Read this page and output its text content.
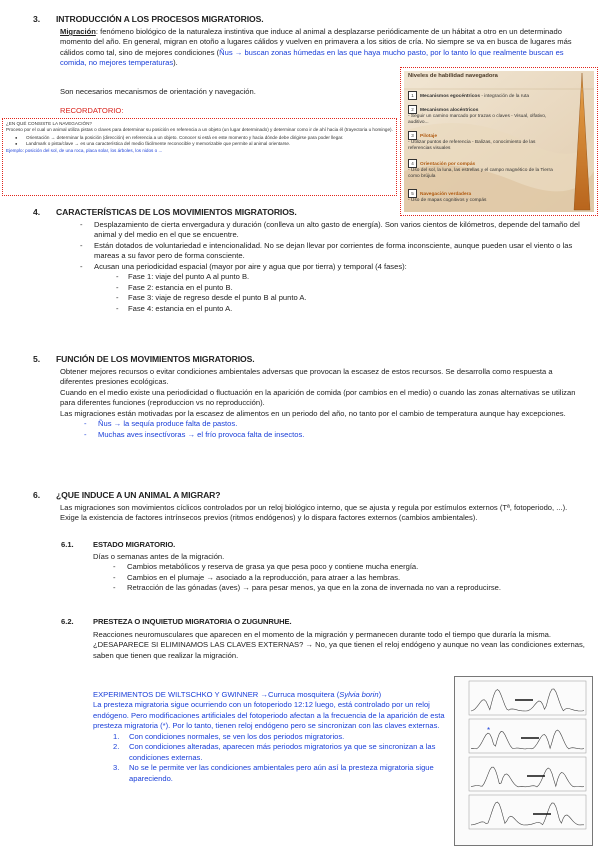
3. INTRODUCCIÓN A LOS PROCESOS MIGRATORIOS.
Migración: fenómeno biológico de la naturaleza instintiva que induce al animal a desplazarse periódicamente de un hábitat a otro en un determinado momento del año. En general, migran en otoño a lugares cálidos y vuelven en primavera a los sitios de cría. No siempre se va en busca de lugares más cálidos como tal, sino de mejores condiciones (Ñus → buscan zonas húmedas en las que haya mucho pasto, por lo tanto lo que realmente buscan es comida, no mejores temperaturas).
Son necesarios mecanismos de orientación y navegación.
RECORDATORIO:
¿EN QUÉ CONSISTE LA NAVEGACIÓN?
Proceso por el cual un animal utiliza pistas o claves para determinar su posición en referencia a un objeto (un lugar determinado) y determinar como ir de ahí hacia él (trayectoria u hominge).
● Orientación → determinar la posición (dirección) en referencia a un objeto. Conocer si está en este momento y hacia dónde debe dirigirse para poder llegar.
● Landmark o pista/clave → es una característica del medio fácilmente reconocible y memorizable que permite al animal orientarse.
Ejemplo: posición del sol, de una roca, placa solar, los árboles, los nidos o ...
Niveles de habilidad navegadora
1 Mecanismos egocéntricos - integración de la ruta
2 Mecanismos alocéntricos
- Seguir un camino marcado por trazas o claves - Visual, olfativo, auditivo...
3 Pilotaje
- Utilizar puntos de referencia - Balizas, conocimiento de las referencias visuales
4 Orientación por compás
- Uso del sol, la luna, las estrellas y el campo magnético de la Tierra como brújula
5 Navegación verdadera
- Uso de mapas cognitivos y compás
4. CARACTERÍSTICAS DE LOS MOVIMIENTOS MIGRATORIOS.
- Desplazamiento de cierta envergadura y duración (conlleva un alto gasto de energía). Son varios cientos de kilómetros, depende del tamaño del animal y del medio en el que se encuentre.
- Están dotados de voluntariedad e intencionalidad. No se dejan llevar por corrientes de forma inconsciente, aunque pueden usar el viento o las mareas a su favor pero de forma consciente.
- Acusan una periodicidad espacial (mayor por aire y agua que por tierra) y temporal (4 fases):
- Fase 1: viaje del punto A al punto B.
- Fase 2: estancia en el punto B.
- Fase 3: viaje de regreso desde el punto B al punto A.
- Fase 4: estancia en el punto A.
5. FUNCIÓN DE LOS MOVIMIENTOS MIGRATORIOS.
Obtener mejores recursos o evitar condiciones ambientales adversas que provocan la escasez de estos recursos. Se desarrolla como respuesta a diferentes presiones ecológicas.
Cuando en el medio existe una periodicidad o fluctuación en la aparición de comida (por cambios en el medio) o cuando las zonas alternativas se utilizan para diferentes funciones (reproduccion vs no reproducción).
Las migraciones están motivadas por la escasez de alimentos en un periodo del año, no tanto por el cambio de temperatura aunque hay excepciones.
- Ñus → la sequía produce falta de pastos.
- Muchas aves insectívoras → el frío provoca falta de insectos.
6. ¿QUE INDUCE A UN ANIMAL A MIGRAR?
Las migraciones son movimientos cíclicos controlados por un reloj biológico interno, que se ajusta y regula por estímulos externos (Tª, fotoperiodo, ...). Exige la existencia de factores intrínsecos previos (ritmos endógenos) y lo dispara factores externos (cambios ambientales).
6.1.	ESTADO MIGRATORIO.
Días o semanas antes de la migración.
- Cambios metabólicos y reserva de grasa ya que pesa poco y contiene mucha energía.
- Cambios en el plumaje → asociado a la reproducción, para atraer a las hembras.
- Retracción de las gónadas (aves) → para pesar menos, ya que en la zona de invernada no van a reproducirse.
6.2.	PRESTEZA O INQUIETUD MIGRATORIA O ZUGUNRUHE.
Reacciones neuromusculares que aparecen en el momento de la migración y permanecen durante todo el tiempo que duraría la misma.
¿DESAPARECE SI ELIMINAMOS LAS CLAVES EXTERNAS? → No, ya que tienen el reloj endógeno y aunque no vean las condiciones externas, saben que tienen que realizar la migración.
EXPERIMENTOS DE WILTSCHKO Y GWINNER →Curruca mosquitera (Sylvia borin)
La presteza migratoria sigue ocurriendo con un fotoperiodo 12:12 luego, está controlado por un reloj endógeno. Pero modificaciones artificiales del fotoperiodo afectan a la frecuencia de la aparición de esta presteza migratoria (*). Por lo tanto, tienen reloj endógeno pero se sincronizan con las claves externas.
1. Con condiciones normales, se ven los dos periodos migratorios.
2. Con condiciones alteradas, aparecen más periodos migratorios ya que se sincronizan a las condiciones externas.
3. No se le permite ver las condiciones ambientales pero aún así la presteza migratoria sigue apareciendo.
*
